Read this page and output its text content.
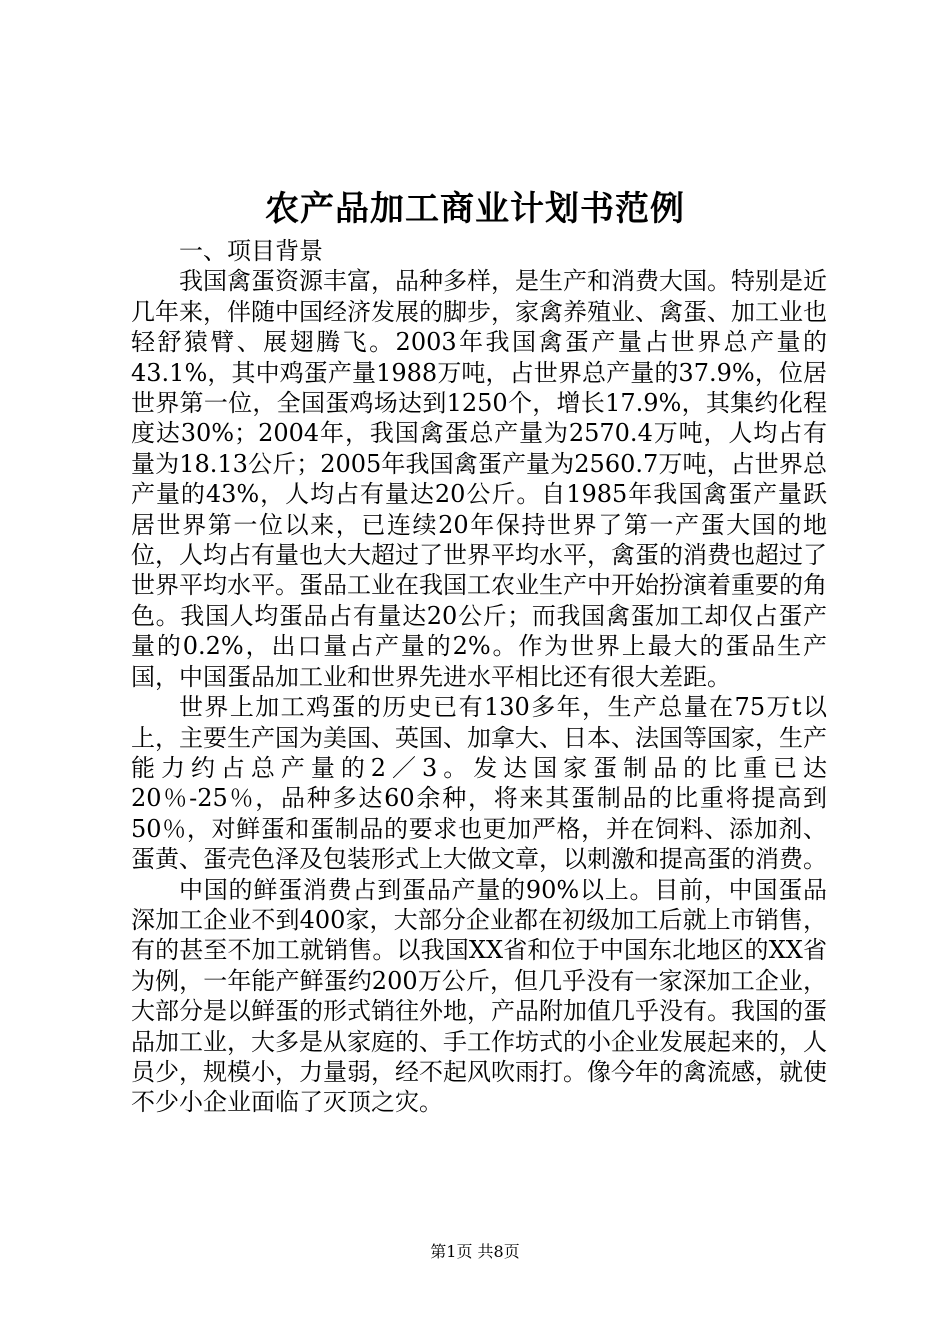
农产品加工商业计划书范例

一、项目背景

我国禽蛋资源丰富，品种多样，是生产和消费大国。特别是近几年来，伴随中国经济发展的脚步，家禽养殖业、禽蛋、加工业也轻舒猿臂、展翅腾飞。2003年我国禽蛋产量占世界总产量的43.1%，其中鸡蛋产量1988万吨，占世界总产量的37.9%，位居世界第一位，全国蛋鸡场达到1250个，增长17.9%，其集约化程度达30%；2004年，我国禽蛋总产量为2570.4万吨，人均占有量为18.13公斤；2005年我国禽蛋产量为2560.7万吨，占世界总产量的43%，人均占有量达20公斤。自1985年我国禽蛋产量跃居世界第一位以来，已连续20年保持世界了第一产蛋大国的地位，人均占有量也大大超过了世界平均水平，禽蛋的消费也超过了世界平均水平。蛋品工业在我国工农业生产中开始扮演着重要的角色。我国人均蛋品占有量达20公斤；而我国禽蛋加工却仅占蛋产量的0.2%，出口量占产量的2%。作为世界上最大的蛋品生产国，中国蛋品加工业和世界先进水平相比还有很大差距。

世界上加工鸡蛋的历史已有130多年，生产总量在75万t以上，主要生产国为美国、英国、加拿大、日本、法国等国家，生产能力约占总产量的2／3。发达国家蛋制品的比重已达20％-25％，品种多达60余种，将来其蛋制品的比重将提高到50％，对鲜蛋和蛋制品的要求也更加严格，并在饲料、添加剂、蛋黄、蛋壳色泽及包装形式上大做文章，以刺激和提高蛋的消费。

中国的鲜蛋消费占到蛋品产量的90%以上。目前，中国蛋品深加工企业不到400家，大部分企业都在初级加工后就上市销售，有的甚至不加工就销售。以我国XX省和位于中国东北地区的XX省为例，一年能产鲜蛋约200万公斤，但几乎没有一家深加工企业，大部分是以鲜蛋的形式销往外地，产品附加值几乎没有。我国的蛋品加工业，大多是从家庭的、手工作坊式的小企业发展起来的，人员少，规模小，力量弱，经不起风吹雨打。像今年的禽流感，就使不少小企业面临了灭顶之灾。

第1页 共8页
